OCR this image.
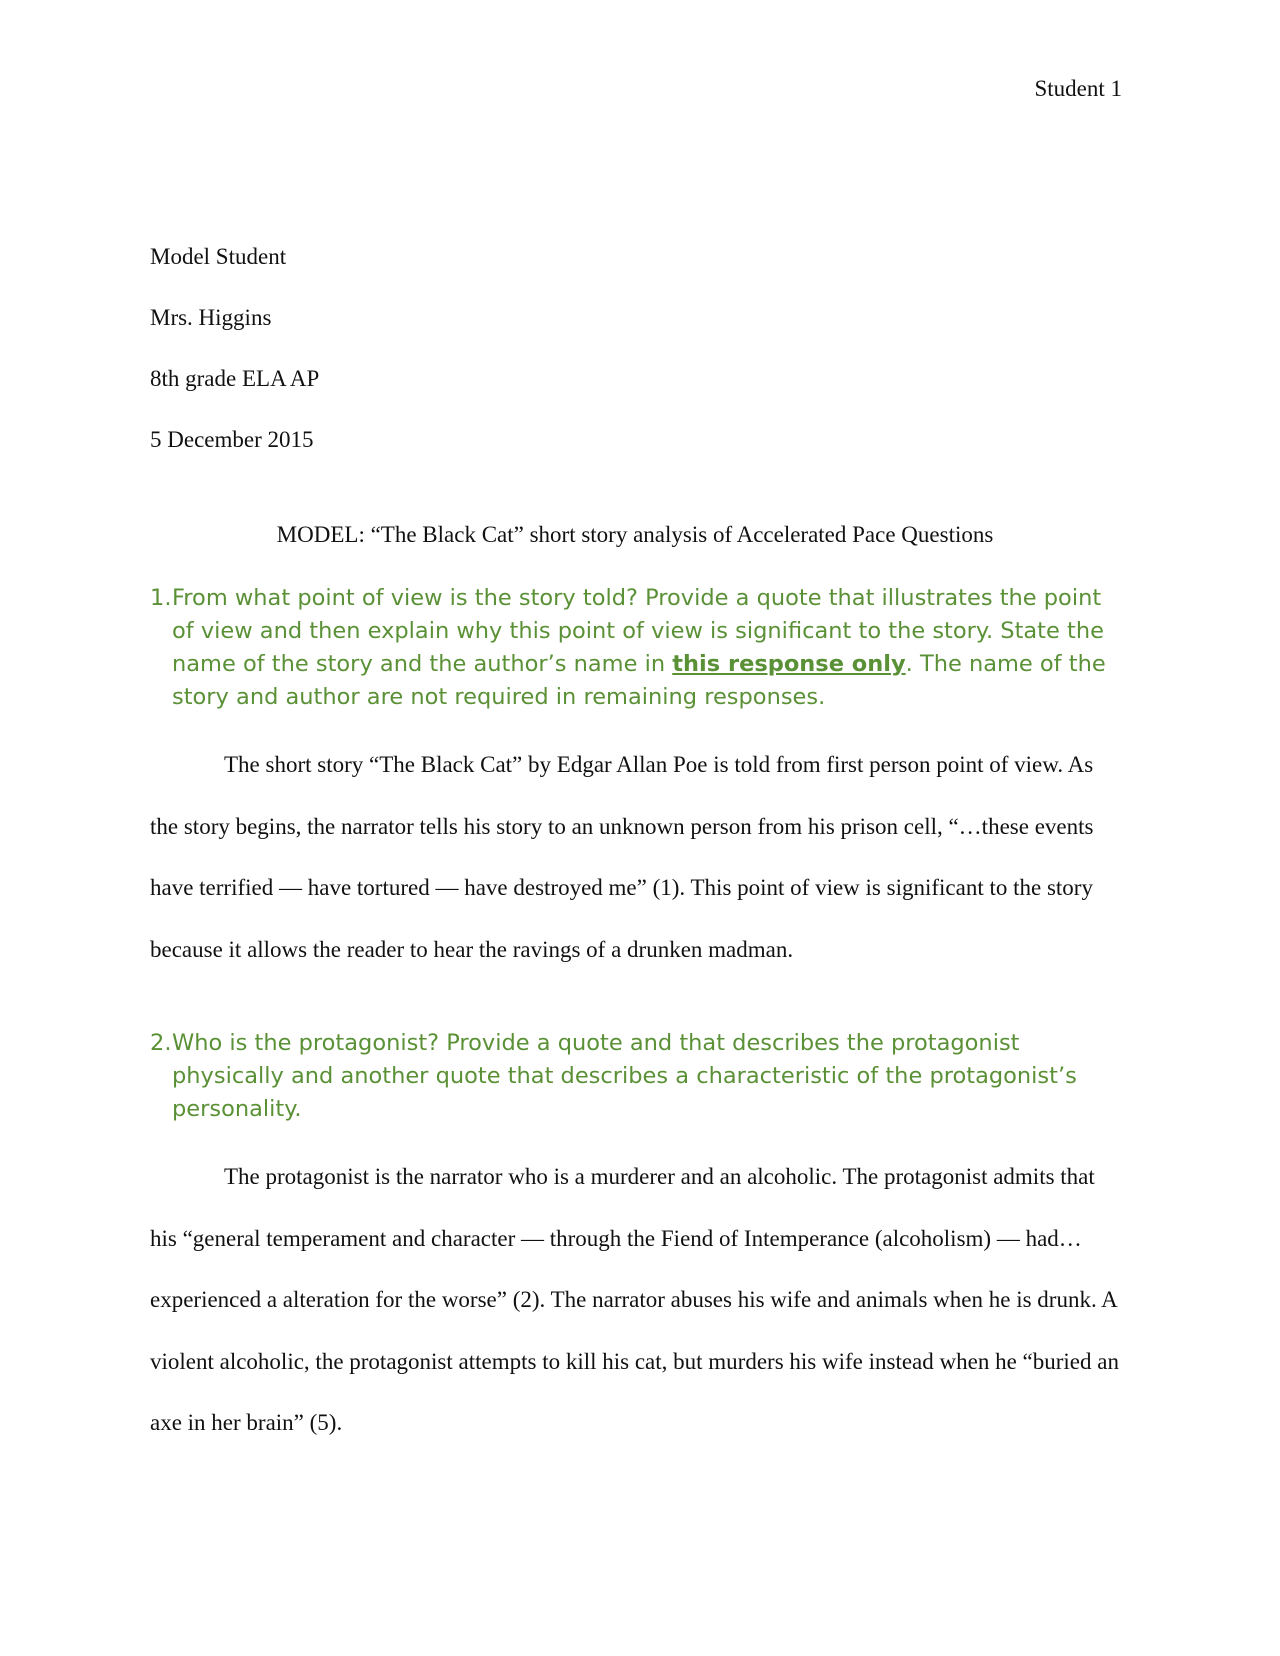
Student 1
Model Student
Mrs. Higgins
8th grade ELA AP
5 December 2015
MODEL: “The Black Cat” short story analysis of Accelerated Pace Questions
1. From what point of view is the story told? Provide a quote that illustrates the point of view and then explain why this point of view is significant to the story. State the name of the story and the author’s name in this response only. The name of the story and author are not required in remaining responses.

The short story “The Black Cat” by Edgar Allan Poe is told from first person point of view. As the story begins, the narrator tells his story to an unknown person from his prison cell, “…these events have terrified — have tortured — have destroyed me” (1). This point of view is significant to the story because it allows the reader to hear the ravings of a drunken madman.

2. Who is the protagonist? Provide a quote and that describes the protagonist physically and another quote that describes a characteristic of the protagonist’s personality.

The protagonist is the narrator who is a murderer and an alcoholic. The protagonist admits that his “general temperament and character — through the Fiend of Intemperance (alcoholism) — had…experienced a alteration for the worse” (2). The narrator abuses his wife and animals when he is drunk. A violent alcoholic, the protagonist attempts to kill his cat, but murders his wife instead when he “buried an axe in her brain” (5).
